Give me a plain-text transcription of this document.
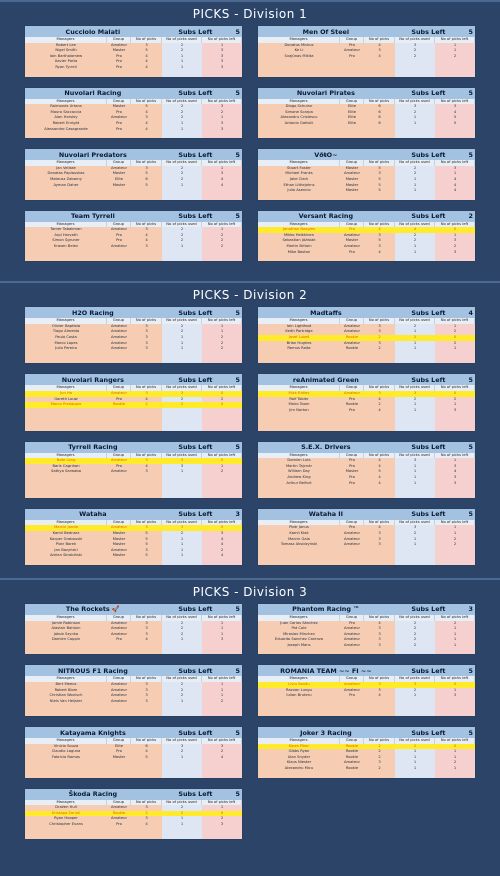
PICKS - Division 1
Cucciolo Malati	Subs Left	5
Managers	Group	No of picks	No of picks used	No of picks left
Robert Lee	Amateur	3	2	1
Nigel Smith	Master	5	2	3
Iain Bartholomew	Pro	4	1	3
Xavier Porta	Pro	4	1	3
Ryan Tyrrell	Pro	4	1	3
Men Of Steel	Subs Left	5
Managers	Group	No of picks	No of picks used	No of picks left
Donatus Mickus	Pro	4	3	1
Ke Li	Amateur	3	2	1
Svajūnas Mikita	Pro	4	2	2
Nuvolari Racing	Subs Left	5
Managers	Group	No of picks	No of picks used	No of picks left
Raimonds Urtans	Master	5	2	3
Mauro Saccoccia	Pro	4	2	2
Alan Horsley	Amateur	3	2	1
Robert Enright	Pro	4	1	3
Alessandro Casagrande	Pro	4	1	3
Nuvolari Pirates	Subs Left	5
Managers	Group	No of picks	No of picks used	No of picks left
Diogo Schuinn	Elite	6	3	3
Simone Scarpa	Elite	6	2	4
Alexandru Cristescu	Elite	6	1	5
Antonio Gattulli	Elite	6	1	5
Nuvolari Predators	Subs Left	5
Managers	Group	No of picks	No of picks used	No of picks left
Jan Veliske	Amateur	3	2	1
Donatas Paplauskas	Master	5	2	3
Mateusz Zaborny	Elite	6	2	4
Ayman Daher	Master	5	1	4
VðŧO~	Subs Left	5
Managers	Group	No of picks	No of picks used	No of picks left
Stuart Foster	Master	5	2	3
Michael Franks	Amateur	3	2	1
Jake Clark	Master	5	1	4
Ethan Littlejohns	Master	5	1	4
Julio Asencio	Master	5	1	4
Team Tyrrell	Subs Left	5
Managers	Group	No of picks	No of picks used	No of picks left
Tomer Tabakman	Amateur	3	2	1
Arpi Horvath	Pro	4	2	2
Simon Sgruner	Pro	4	2	2
Krasen Belev	Amateur	3	1	2
Versant Racing	Subs Left	2
Managers	Group	No of picks	No of picks used	No of picks left
Jonathan Beagles	Pro	4	4	0
Mikko Heikkinen	Amateur	3	2	1
Sebastian Jóźwiak	Master	5	2	3
Martin Britain	Amateur	3	1	2
Mike Baston	Pro	4	1	3
PICKS - Division 2
H2O Racing	Subs Left	5
Managers	Group	No of picks	No of picks used	No of picks left
Olivier Baptista	Amateur	3	2	1
Tiago Almeida	Amateur	3	2	1
Paulo Costa	Amateur	3	1	2
Marco Lopes	Amateur	3	1	2
Julio Pereira	Amateur	3	1	2
Madtaffs	Subs Left	4
Managers	Group	No of picks	No of picks used	No of picks left
Iain Lightfoot	Amateur	3	2	1
Keith Partridge	Amateur	3	1	2
Josef Lukeš	Rookie	2	2	0
Brian Hughes	Amateur	3	1	2
Remus Raita	Rookie	2	1	1
Nuvolari Rangers	Subs Left	5
Managers	Group	No of picks	No of picks used	No of picks left
Jun Ho	Amateur	3	3	0
Gareth Louw	Pro	4	2	2
Marco Predappio	Rookie	2	2	0
reAnimated Green	Subs Left	5
Managers	Group	No of picks	No of picks used	No of picks left
Mick Ridley	Amateur	3	3	0
Rolf Tobler	Pro	4	2	2
Mairo Toom	Rookie	2	1	1
Jim Norton	Pro	4	1	3
Tyrrell Racing	Subs Left	5
Managers	Group	No of picks	No of picks used	No of picks left
Nate Long	Amateur	3	3	0
Baris Cagrıhan	Pro	4	3	1
Sathya Sarwaba	Amateur	3	1	2
S.E.X. Drivers	Subs Left	5
Managers	Group	No of picks	No of picks used	No of picks left
Domien Luts	Pro	4	3	1
Martin Tajcnár	Pro	4	1	3
William Day	Master	5	1	4
Andrew King	Pro	4	1	3
Arthur Belfort	Pro	4	1	3
Wataha	Subs Left	3
Managers	Group	No of picks	No of picks used	No of picks left
Marcin Janda	Amateur	3	3	0
Kamil Bednarz	Master	5	2	3
Kacper Grabouski	Master	5	1	4
Piotr Borek	Master	5	1	4
Jan Bazyński	Amateur	3	1	2
Adrian Skrobiński	Master	5	1	4
Wataha II	Subs Left	5
Managers	Group	No of picks	No of picks used	No of picks left
Piotr Janus	Pro	4	3	1
Kamil Kłak	Amateur	3	2	1
Marcin Gala	Amateur	3	1	2
Tomasz Aksidzyński	Amateur	3	1	2
PICKS - Division 3
The Rockets 🚀	Subs Left	5
Managers	Group	No of picks	No of picks used	No of picks left
Jamie Robinson	Amateur	3	2	1
Alastair Balduin	Amateur	3	2	1
Jakub Szynka	Amateur	3	2	1
Damien Coppin	Pro	4	1	3
Phantom Racing ™	Subs Left	3
Managers	Group	No of picks	No of picks used	No of picks left
Juan Carlos Sánchez	Pro	4	2	2
Pat Cole	Amateur	3	2	1
Miroslav Minchev	Amateur	3	2	1
Eduardo Sanchez Carenzo	Amateur	3	2	1
Joseph Mans	Amateur	3	2	1
NITROUS F1 Racing	Subs Left	5
Managers	Group	No of picks	No of picks used	No of picks left
Bert Meeus	Amateur	3	2	1
Robert Blom	Amateur	3	2	1
Christian Wonisch	Amateur	3	2	1
Niels Van Heijster	Amateur	3	1	2
ROMANIA TEAM ~~ FI ~~	Subs Left	5
Managers	Group	No of picks	No of picks used	No of picks left
Liviu Sandu	Amateur	3	3	0
Razvan Lungu	Amateur	3	2	1
Iulian Bruteru	Pro	4	1	3
Katayama Knights	Subs Left	5
Managers	Group	No of picks	No of picks used	No of picks left
Vinicio Souza	Elite	6	3	3
Claudio Laguna	Pro	4	2	2
Fabricio Ramos	Master	5	1	4
Joker 3 Racing	Subs Left	5
Managers	Group	No of picks	No of picks used	No of picks left
Kipes Pikec	Rookie	2	2	0
Gibbs Ryan	Rookie	2	1	1
Alan Snyder	Rookie	2	1	1
Klaus Niester	Amateur	3	1	2
Alexandru Micu	Rookie	2	1	1
Škoda Racing	Subs Left	5
Managers	Group	No of picks	No of picks used	No of picks left
Dražen Hull	Amateur	3	2	1
Kristapa Zariņš	Rookie	2	2	0
Ryan Hooper	Amateur	3	1	2
Christopher Evans	Pro	4	1	3
